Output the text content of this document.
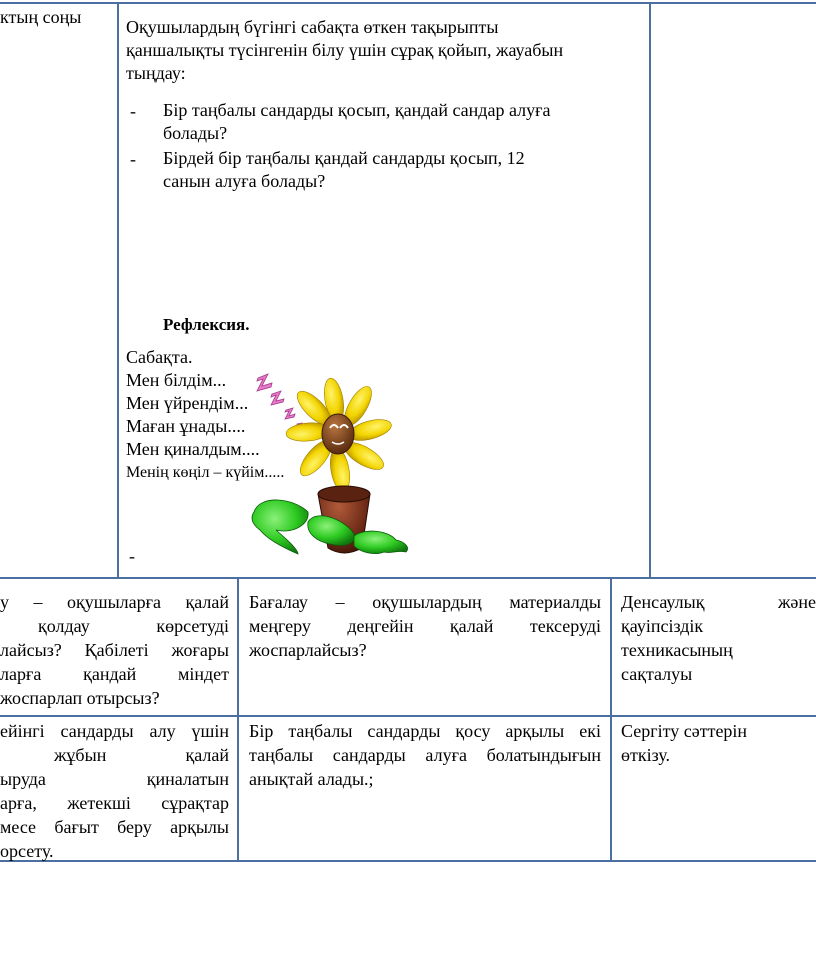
ктың соңы	Оқушылардың бүгінгі сабақта өткен тақырыпты
қаншалықты түсінгенін білу үшін сұрақ қойып, жауабын
тыңдау:
- Бір таңбалы сандарды қосып, қандай сандар алуға
болады?
- Бірдей бір таңбалы қандай сандарды қосып, 12
санын алуға болады?
Рефлексия.
Сабақта.
Мен білдім...
Мен үйрендім...
Маған ұнады....
Мен қиналдым....
Менің көңіл – күйім.....
-
у – оқушыларға қалай
қолдау көрсетуді
лайсыз? Қабілеті жоғары
ларға қандай міндет
жоспарлап отырсыз?
Бағалау – оқушылардың материалды
меңгеру деңгейін қалай тексеруді
жоспарлайсыз?
Денсаулық және
қауіпсіздік
техникасының
сақталуы
ейінгі сандарды алу үшін
жұбын қалай
ыруда қиналатын
арға, жетекші сұрақтар
месе бағыт беру арқылы
орсету.
Бір таңбалы сандарды қосу арқылы екі
таңбалы сандарды алуға болатындығын
анықтай алады.;
Сергіту сәттерін
өткізу.
